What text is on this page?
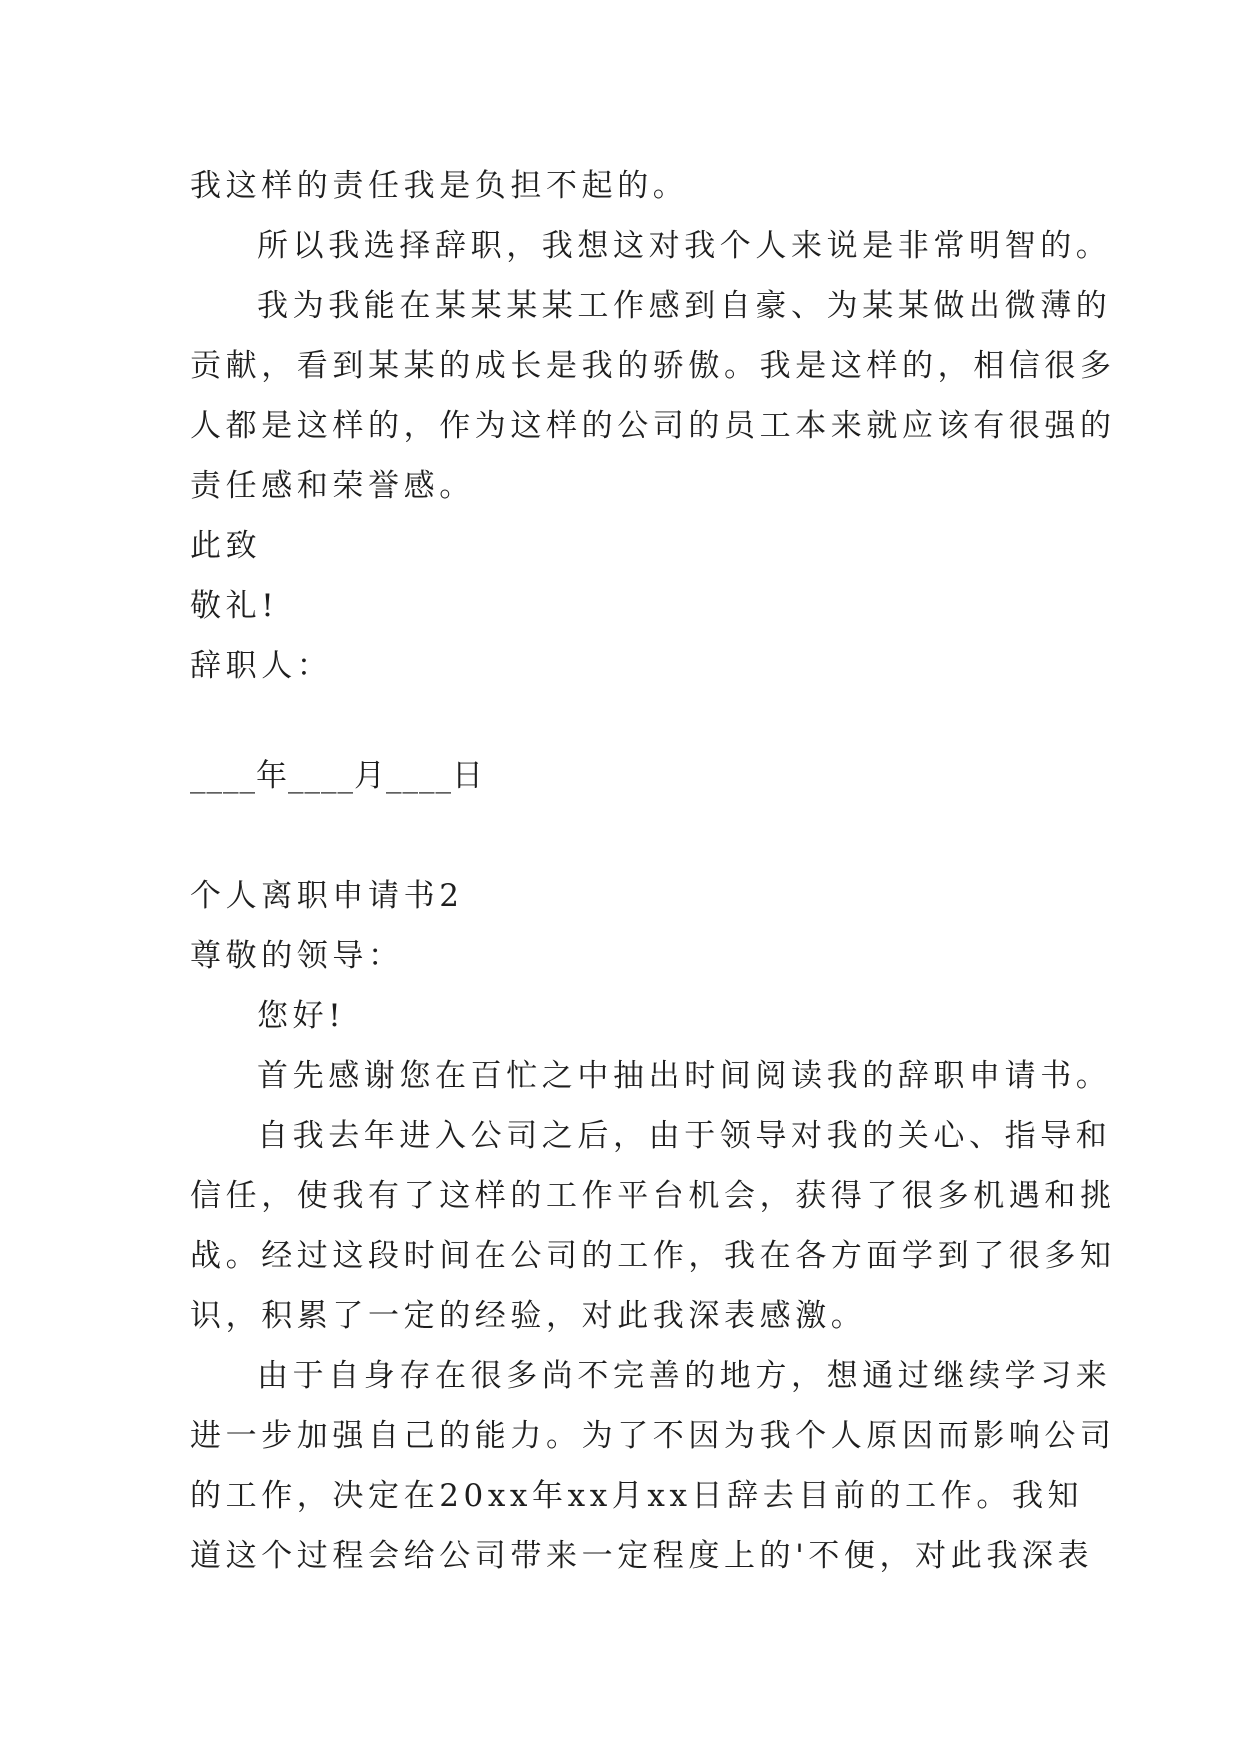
我这样的责任我是负担不起的。
所以我选择辞职，我想这对我个人来说是非常明智的。
我为我能在某某某某工作感到自豪、为某某做出微薄的
贡献，看到某某的成长是我的骄傲。我是这样的，相信很多
人都是这样的，作为这样的公司的员工本来就应该有很强的
责任感和荣誉感。
此致
敬礼!
辞职人：
____年____月____日
个人离职申请书2
尊敬的领导：
您好!
首先感谢您在百忙之中抽出时间阅读我的辞职申请书。
自我去年进入公司之后，由于领导对我的关心、指导和
信任，使我有了这样的工作平台机会，获得了很多机遇和挑
战。经过这段时间在公司的工作，我在各方面学到了很多知
识，积累了一定的经验，对此我深表感激。
由于自身存在很多尚不完善的地方，想通过继续学习来
进一步加强自己的能力。为了不因为我个人原因而影响公司
的工作，决定在20xx年xx月xx日辞去目前的工作。我知
道这个过程会给公司带来一定程度上的'不便，对此我深表
